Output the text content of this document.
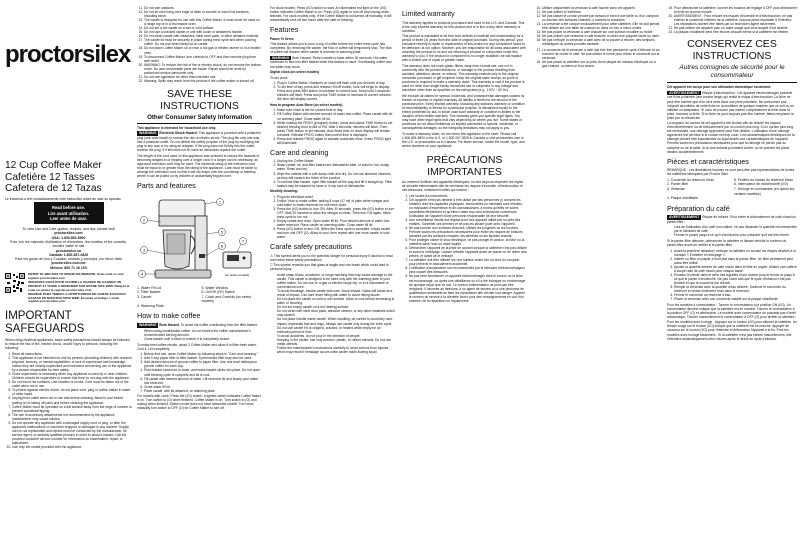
proctorsilex
12 Cup Coffee Maker
Cafetière 12 Tasses
Cafetera de 12 Tazas

Le instamos a leer cuidadosamente este instructivo antes de usar su aparato.

Read before use.
Lire avant utilisation.
Leer antes de usar.
To view Use and Care guides, recipes, and tips, please visit
proctorsilex.com
USA: 1.800.851.8900
Pour voir les manuels d'utilisation et d'entretien, les recettes et les conseils, veuillez visiter le site
proctorsilex.ca
Canada: 1.800.267.2826
Para ver guías de Uso y Cuidado, recetas y consejos, por favor visite
proctorsilex.com.mx
México: 800 71 16 100
ENTER TO WIN 2018 TO SPEND ON WEBSITE. Scan code or visit register.proctorsilex.com
INSCRIVEZ-VOUS POUR COURIR LA CHANCE DE GAGNER UN PRODUIT 12 TASSE A DEPENSER SUR NOTRE SITE WEB. Balayez le code ou visitez le register.proctorsilex.com
INGRESE PARA TENER LA OPORTUNIDAD DE GANAR $100 PARA GASTAR EN NUESTRO SITIO WEB. Escanee el código o visite register.proctorsilex.com
IMPORTANT SAFEGUARDS

When using electrical appliances, basic safety precautions should always be followed to reduce the risk of fire, electric shock, and/or injury to persons, including the following:

1. Read all instructions.
2. This appliance is not intended for use by persons (including children) with reduced physical, sensory, or mental capabilities, or lack of experience and knowledge, unless they are closely supervised and instructed concerning use of the appliance by a person responsible for their safety.
3. Close supervision is necessary when any appliance is used by or near children. Children should be supervised to ensure that they do not play with the appliance.
4. Do not touch hot surfaces. Use handles or knobs. Cord must be taken out of the outlet when not in use.
5. To protect against electric shock, do not place cord, plug or coffee maker in water or other liquid.
6. Unplug from outlet when not in use and before cleaning. Allow to cool before putting on or taking off parts and before cleaning the appliance.
7. Coffee Maker must be operated on a flat surface away from the edge of counter to prevent accidental tipping.
8. The use of accessory attachments not recommended by the appliance manufacturer may cause injuries.
9. Do not operate any appliance with a damaged supply cord or plug, or after the appliance malfunctions or has been dropped or damaged in any manner. Supply cord is not replaceable and repairs must be conducted by the manufacturer, its service agent, or similarly qualified persons in order to avoid a hazard. Call the provided customer service number for information on examination, repair, or adjustment.
10. Use only the carafe provided with the appliance.
11. Do not use outdoors.
12. Do not let cord hang over edge of table or counter or touch hot surfaces, including stove.
13. The carafe is designed for use with this Coffee Maker. It must never be used on a range top or in a microwave oven.
14. Do not set a hot carafe on a wet or cold surface.
15. Do not use a cracked carafe or one with loose or weakened handle.
16. Do not clean carafe with cleansers, steel wool pads, or other abrasive material.
17. The carafe lid must be securely in place during brew cycle and when pouring coffee. Do not use when steep lid on carafe.
18. Do not place Coffee Maker on or near a hot gas or electric burner or in a heated oven.
19. To disconnect Coffee Maker, turn controls to OFF and then remove plug from wall outlet.
20. WARNING: To reduce the risk of fire or electric shock, do not remove the bottom cover. No user-serviceable parts are inside. Repair should be done by authorized service personnel only.
21. Do not use appliance for other than intended use.
22. Warning: Spills may result from this product if the coffee maker is turned off.
SAVE THESE INSTRUCTIONS
Other Consumer Safety Information

This appliance is intended for household use only.

WARNING Electrical Shock Hazard: This appliance is provided with a polarized plug (one wide blade) to reduce the risk of electric shock. The plug fits only one way into a polarized outlet. Do not defeat the safety purpose of the plug by modifying the plug in any way or by using an adapter. If the plug does not fit fully into the outlet, reverse the plug. If it still does not fit, have an electrician replace the outlet.

The length of the cord used on this appliance was selected to reduce the hazards of becoming tangled in or tripping over a longer cord. If a longer cord is necessary, an approved extension cord may be used. The electrical rating of the extension cord must be equal to or greater than the rating of the appliance. Care must be taken to arrange the extension cord so that it will not drape over the countertop or tabletop where it can be pulled on by children or accidentally tripped over.

Parts and features
1
2
3
4
5
6
7
(on select models)
1. Water Fill Lid	5. Water Window
2. Filter Basket	6. On/Off (I/O) Switch
3. Carafe	7. Clock and Controls (on select models)
4. Warming Plate
How to make coffee

WARNING Burn Hazard. To avoid hot coffee overflowing from the filter basket:

• When using uncalibrated coffee, do not exceed the coffee manufacturer's recommended serving amount.
• Close basket until it clicks to ensure it is completely closed.

To make best coffee results, about 2 Coffee Maker and allow it to filter fresh water, Cool it. Let completely.

1. Before first use, clean Coffee Maker by following steps in "Care and cleaning."
2. Add 4-cup paper filter to filter basket. A permanent filter may also be used.
3. Add desired amount of ground coffee to paper filter. Use one level tablespoon ground coffee for each cup.
4. Push basket closed as to close, and make basket clicks into place. Do not open until brewing cycle is complete and lid is cool.
5. Fill carafe with desired amount of water. Lift reservoir lid and slowly pour water into reservoir.
6. Close water fill lid.
7. Place carafe, with lid attached, on warming plate.

For models with clock: Press the (I/O) switch. A lighted switch indicates Coffee Maker is on. Turn switch to (O) when finished. Coffee Maker is on. Turn switch to (O) and unplug when finished. Switch model does not have automatic shutoff. Turn must manually turn switch to OFF (O) for Coffee Maker to turn off.

For clock models: Press (I/O) button to start. An illuminated red light on the (I/O) button indicates Coffee Maker is on. Press (I/O) again to turn off and unplug when finished. For clock models only: If the Coffee Maker is not turned off manually, it will automatically shut off two hours after the start of brewing.

Features

Pause 'N Serve

This feature allows you to pour a cup of coffee before the entire brew cycle has completed. By removing the carafe, the flow of coffee will temporarily stop. The flow of coffee will resume when carafe is returned to warming plate.

WARNING Burn Hazard. Return carafe to base within 30 seconds. Hot water continues to flow into filter basket when this feature is used. Overflowing coffee and hot water may occur.

Digital clock (on select models)

To set clock:

1. Plug in Coffee Maker. Numbers on clock will flash until you set time of day.
2. To set time of day, press and release HOUR button, hour will begin to display. Press and press MIN button to increase to current hour. Keep hold 3 seconds; minutes will flash. Press and press TIME button to increase to current minutes. Set time will display current.

How to program Auto Brew (on select models)

1. Make sure clock is set for current time of day.
2. Fill Coffee Maker with desired amount of water and coffee. Place carafe with lid on warming plate. Close water fill lid.
3. While holding the PROG (program) button, press and pause TIME button to set desired brewing hour to AM or PM. Wait 3 seconds; minutes will flash. Then, press TIME button to set minutes. Auto Brew time on clock display will remain constant. Release PROG button that current time is displayed.
4. Press and release PROG again to activate automatic brew. Green PROG light will illuminate.
Care and cleaning
1. Unplug the Coffee Maker.
2. Wash carafe, lid, and filter basket are dishwasher-safe, or wash in hot, soapy water. Rinse and dry.
3. Wipe the outside with a soft damp cloth and dry. Do not use abrasive cleaners, as they will scratch the finish of the product.
4. To remove filter basket, open filter basket all the way and lift it straight up. Filter basket may be washed by hand or in top rack of dishwasher.

Monthly cleaning:

1. Plug into electrical outlet.
2. Follow 'How to make coffee' adding 8 cups (47 ml) of plain white vinegar and cold water to water reservoir for one brew cycle.
3. Press the (I/O) button to turn ON. After 30 seconds, press the (I/O) button to turn OFF. Wait 20 minutes to allow the vinegar to clean. Then turn ON again. Allow brew cycle to run out.
4. Empty carafe and rinse. Open water fill lid. Pour desired amount of water into water reservoir. Place carafe on warming plate. Close water fill lid.
5. Press (I/O) button to turn ON. When the brew cycle is complete, empty carafe and turn unit OFF (O). Allow to cool, then repeat with one more carafe of cold water.
Carafe safety precautions

⚠ This symbol alerts you to the potential danger for personal injury if alcohol to read and follow these safety precautions.

▽ This symbol reminds you that glass is fragile and can break which could lead to personal injury.

• Avoid sharp blows, scratches, or rough handling that may cause damage to the carafe. This carafe is designed to be used only with the warming plate of your coffee maker. Do not use on a gas or electric range top, or in a microwave or conventional oven.
• To avoid breakage, handle carafe with care. Avoid impact. Glass will break as a result of impact. Use care when filling with water to avoid hitting faucet.
• Do not place the carafe on cold or wet surface. Allow to cool before immersing in water or cleaning.
• Do not set empty carafe on a hot heating surface.
• Do not clean with steel wool pads, abrasive cleaner, or any other materials which may scratch.
• Do not place handle inside carafe. When handling, be careful to avoid any hard impact, especially that and rings. Always use carafe only during the brew cycle.
• Do not use carafe if it is chipped, cracked, or heated while empty for an extended period of time.
• To avoid accidents, do not pour in the direction of people.
• Keeping in the carafe, use only wooden, plastic, or rubber utensils. Do not use metal utensils.
• Follow the manufacturer's instructions carefully to avoid serious burn injuries which may result if breakage occurs while carafe holds flowing liquid.
Limited warranty

This warranty applies to products purchased and used in the U.S. and Canada. This is the only express warranty for this product and is in lieu of any other warranty or condition.

This product is warranted to be free from defects in material and workmanship for a period of three (3) years from the date of original purchase. During this period, your exclusive remedy is repair or replacement of this product or any component found to be defective, at our option; however, you are responsible for all costs associated with returning the product to us and our returning a product or component under this warranty to you. If the product or component is no longer available, we will replace with a similar one of equal or greater value.

This warranty does not cover glass, filters, wear from normal use, use not in conformity with the printed directions, or damage to the product resulting from accident, alteration, abuse, or misuse. This warranty extends only to the original consumer purchaser or gift recipient. Keep the original sales receipt, as proof of purchase is required to make a warranty claim. This warranty is void if the product is used for other than single-family household use or subjected to any voltage and waveform other than as specified on the rating label (e.g., 120V ~ 60 Hz).

We exclude all claims for special, incidental, and consequential damages caused by breach of express or implied warranty. All liability is limited to the amount of the purchase price. Every implied warranty, including any statutory warranty or condition of merchantability or fitness for a particular purpose, is disclaimed except to the extent prohibited by law, in which case such warranty or condition is limited to the duration of this written warranty. This warranty gives you specific legal rights. You may have other legal rights that vary depending on where you live. Some states or provinces do not allow limitations on implied warranties or special, incidental, or consequential damages, so the foregoing limitations may not apply to you.

To make a warranty claim, do not return this appliance to the store. Please call 1.800.851.8900 in the U.S. or 1.800.267.2826 in Canada or visit proctorsilex.com in the U.S. or proctorsilex.ca in Canada. For faster service, locate the model, type, and series numbers on your appliance.

PRÉCAUTIONS IMPORTANTES

Au moment d'utiliser des appareils électriques, on doit toujours respecter les règles de sécurité élémentaires afin de minimiser les risques d'incendie, d'électrocution et des blessures, notamment celles qui suivent :

1. Lire toutes les instructions.
2. Cet appareil n'est pas destiné à être utilisé par des personnes (y compris les enfants) dont les capacités physiques, sensorielles ou mentales sont réduites, ou manquant d'expérience et de connaissances, à moins qu'elles ne soient surveillées étroitement et qu'elles n'aient reçu des instructions concernant l'utilisation de l'appareil d'une personne responsable de leur sécurité.
3. Une surveillance étroite est requise pour tout appareil utilisé par ou près des enfants. Surveiller ces derniers et ne pas les laisser jouer avec l'appareil.
4. Ne pas toucher aux surfaces chaudes. Utiliser les poignées ou les boutons. Prendre toutes les précautions nécessaires pour éviter les risques de brûlures causées par les surfaces chaudes, les aliments ou les liquides chauds.
5. Pour protéger contre le choc électrique, ne pas plonger le cordon, la fiche ou la cafetière dans l'eau ou autre liquide.
6. Débrancher l'appareil de la prise de courant lorsque la cafetière n'est pas utilisée et avant le nettoyage. Laisser refroidir l'appareil avant de placer ou de retirer des pièces, et avant de le nettoyer.
7. La cafetière doit être utilisée sur une surface droite loin du bord du comptoir, pour prévenir le basculement accidentel.
8. L'utilisation d'accessoires non recommandés par le fabricant d'électroménagers peut causer des blessures.
9. Ne pas faire fonctionner un appareil électroménager dont le cordon ou la fiche est endommagé, ou après une défaillance ou s'il a été échappé ou endommagé de quelque façon que ce soit. Le cordon d'alimentation ne peut pas être remplacé. Il incombe au fabricant, à un agent de service ou à une personne de qualification semblable de faire les réparations afin d'éviter tout danger. Appeler le numéro du service à la clientèle fourni pour des renseignements en vue d'un examen, de la réparation ou l'ajustement.
10. Utiliser uniquement la verseuse à café fournie avec cet appareil.
11. Ne pas utiliser à l'extérieur.
12. Ne pas laisser le cordon pendre par dessus le bord d'une table ou d'un comptoir, ou toucher des surfaces chaudes, y compris la cuisinière.
13. La verseuse a été conçue exclusivement pour cette cafetière. Elle ne doit jamais être utilisée sur une table de cuisson ou dans un four à micro-ondes.
14. Ne pas placer la verseuse à café chaude sur une surface mouillée ou froide.
15. Ne pas utiliser une verseuse à café fissurée ou avec une poignée lâche ou usée.
16. Ne pas nettoyer la verseuse à café avec de la poudre à récurer, des tampons métalliques ou autres produits abrasifs.
17. Le couvercle de la verseuse à café doit être fixé pendant le cycle d'infusion et au moment de verser le café. Ne pas utiliser le formé pour retirer le couvercle sur la verseuse.
18. Ne pas placer la cafetière sur ou près d'une plaque de cuisson électrique ou à gaz chaude, ou dans un four chaud.
19. Pour débrancher la cafetière, tourner les boutons de réglage à OFF puis débrancher la fiche de la prise murale.
20. AVERTISSEMENT : Pour réduire les risques d'incendie et d'électrocution, ne pas enlever le couvercle inférieur de la cafetière. Aucune pièce réparable à l'intérieur. Les réparations doivent être faites par un technicien agréé seulement.
21. Ne pas utiliser cet appareil pour un autre usage que celui auquel il est destiné.
22. La plaque chauffante peut être encore chaude même si la cafetière est éteinte.
CONSERVEZ CES INSTRUCTIONS
Autres consignes de sécurité pour le consommateur

Cet appareil est conçu pour une utilisation domestique seulement.

AVERTISSEMENT Risque d'électrocution : Cet appareil électroménager possède une fiche polarisée (une broche large) qui réduit le risque d'électrocution. La fiche ne peut être insérée que d'un seul sens dans une prise polarisée. Ne contournez pas l'objectif sécuritaire de cette fiche en la modifiant de quelque manière que ce soit ou en utilisant un adaptateur. Si vous ne pouvez pas insérer complètement la fiche dans la prise, inversez la fiche. Si la fiche ne peut toujours pas être insérée, faites remplacer la prise par un électricien.

La longueur du cordon de cet appareil a été choisie afin de réduire les risques d'enchevêtrement ou de trébuchement par un cordon plus long. Si un cordon plus long est nécessaire, une rallonge approuvée peut être utilisée. L'utilisation d'une rallonge approuvée est permise si le cordon est trop court. Les caractéristiques électriques de la rallonge doivent être équivalentes ou supérieures aux caractéristiques de l'appareil. Prendre toutes les précautions nécessaires pour que la rallonge ne pende pas du comptoir ou de la table, là où des enfants pourraient la tirer, ou se prendre les pieds dedans accidentellement.

Pièces et caractéristiques

REMARQUE : Les illustrations fournies ne sont peut-être pas représentatives de toutes les cafetières fabriquées par Proctor Silex.

1. Couvercle du réservoir d'eau	5. Fenêtre du niveau du réservoir d'eau
2. Panier-filtre	6. Interrupteur de marche/arrêt (I/O)
3. Verseuse	7. Horloge et commandes (en option sur certains modèles)
4. Plaque chauffante
Préparation du café

AVERTISSEMENT Risque de brûlure. Pour éviter le débordement de café chaud du panier-filtre :

• Lors de l'utilisation d'un café non calibré, ne pas dépasser la quantité recommandée par le fabricant de café.
• Fermer le panier jusqu'à ce qu'il s'enclenche pour s'assurer qu'il est bien fermé.

Si le panier-filtre déborde, débrancher la cafetière et laisser refroidir le contenu du panier-filtre avant de vérifier si le panier-filtre.

1. Avant la première utilisation, nettoyer la cafetière en suivant les étapes décrites à la rubrique « Entretien et nettoyage ».
2. Insérer un filtre en papier à fond plat dans le panier-filtre. Un filtre permanent peut aussi être utilisé.
3. Ajouter la quantité désirée de café moulu dans le filtre en papier. Utiliser une cuillère à soupe rase de café moulu pour chaque tasse.
4. Pousser le panier dans le sens des aiguilles d'une montre pour le fermer et jusqu'à ce que le panier s'enclenche. Ne pas ouvrir tant que le cycle d'infusion n'est pas terminé et que le couvercle est refroidi.
5. Remplir la verseuse avec la quantité d'eau désirée. Soulever le couvercle du réservoir et verser lentement l'eau dans le réservoir.
6. Fermer le couvercle du réservoir d'eau.
7. Placer la verseuse avec son couvercle installé sur la plaque chauffante.

Pour les modèles à commutateur : Tourner le commutateur à la position ON (I/O). Un commutateur illuminé indique que la cafetière est en marche. Tourner le commutateur à la position OFF (O) et débrancher. Le modèle avec commutateur ne possède pas d'arrêt automatique. Tourner manuellement le commutateur à OFF (O) pour arrêter la cafetière.

Pour les modèles avec horloge : Appuyer sur le bouton (I/O) pour allumer la cafetière. Un témoin rouge sur le bouton (I/O) indique que la cafetière est en marche. Appuyer de nouveau sur le bouton (I/O) pour l'éteindre et débrancher l'appareil à la fin. Pour les modèles avec horloge seulement : Si la cafetière n'est pas éteinte manuellement, elle s'éteindra automatiquement deux heures après le début du cycle d'infusion.
